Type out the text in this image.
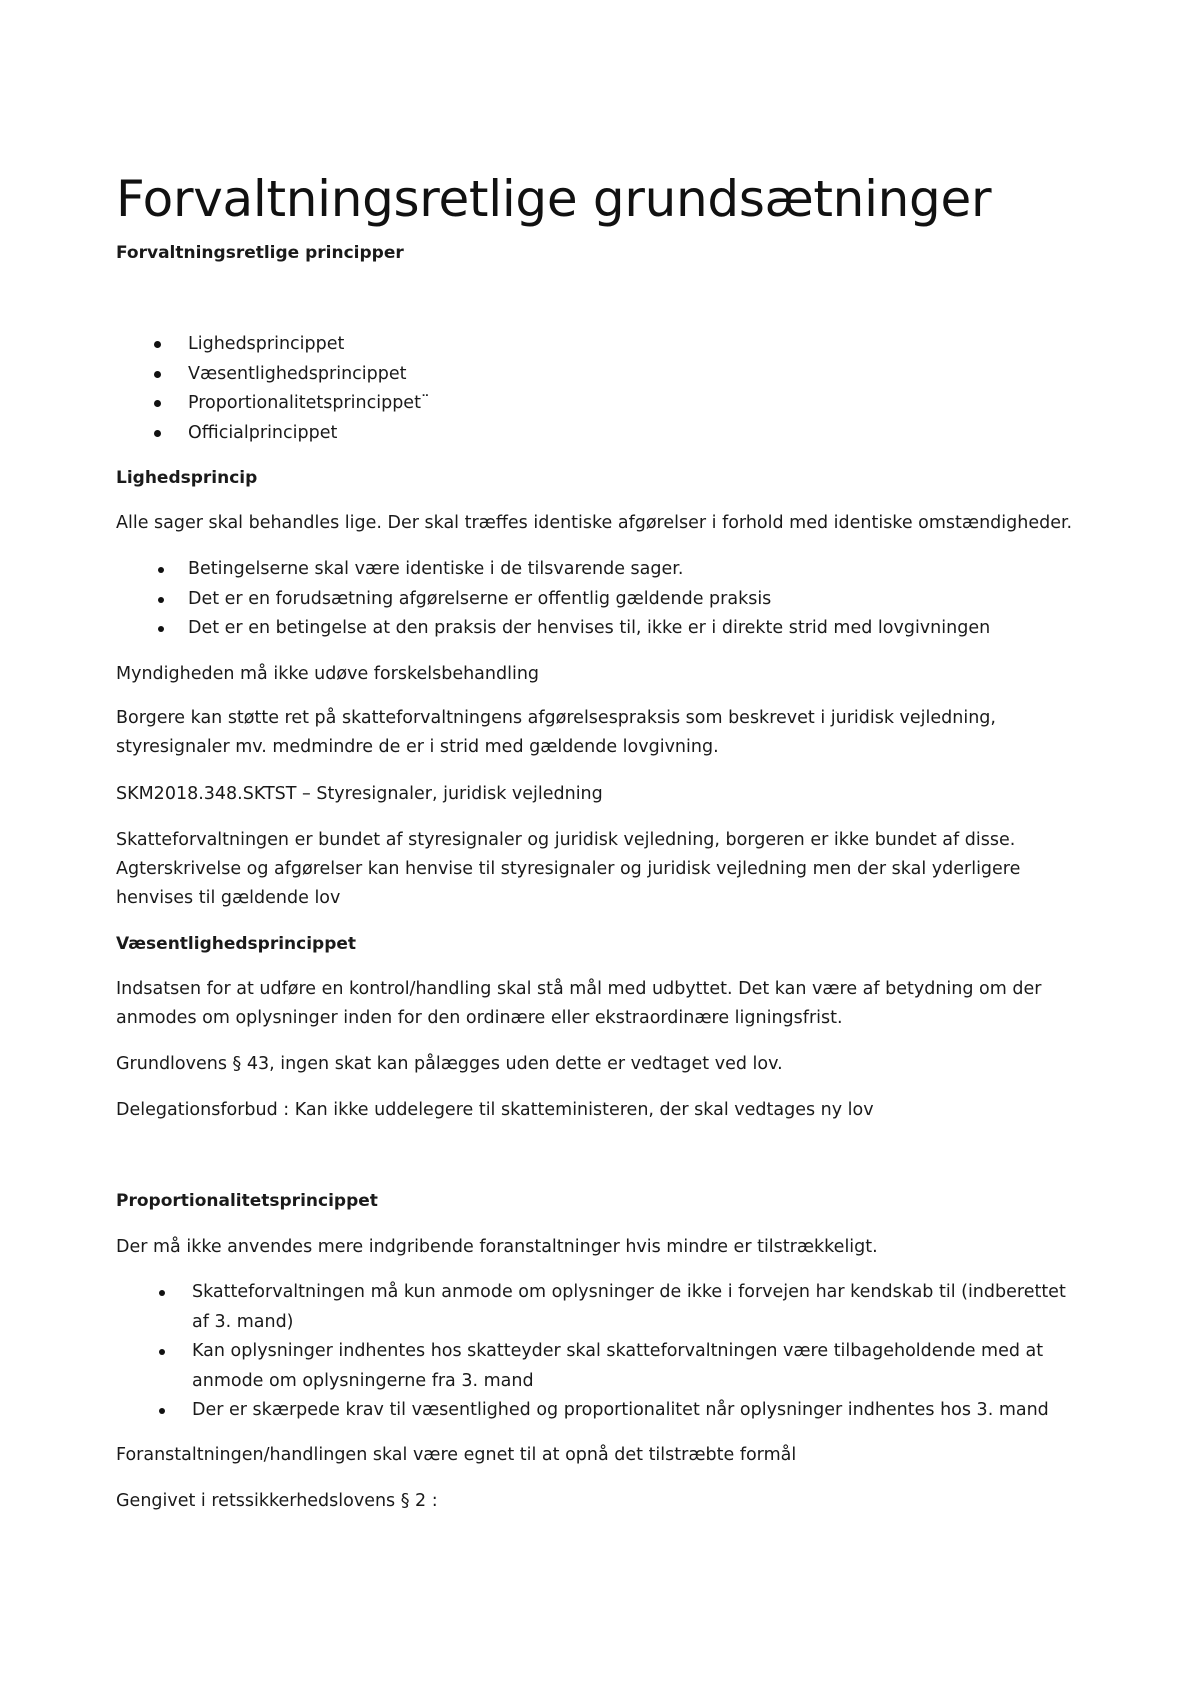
Forvaltningsretlige grundsætninger

Forvaltningsretlige principper

Lighedsprincippet
Væsentlighedsprincippet
Proportionalitetsprincippet¨
Officialprincippet

Lighedsprincip

Alle sager skal behandles lige. Der skal træffes identiske afgørelser i forhold med identiske omstændigheder.

Betingelserne skal være identiske i de tilsvarende sager.
Det er en forudsætning afgørelserne er offentlig gældende praksis
Det er en betingelse at den praksis der henvises til, ikke er i direkte strid med lovgivningen

Myndigheden må ikke udøve forskelsbehandling

Borgere kan støtte ret på skatteforvaltningens afgørelsespraksis som beskrevet i juridisk vejledning,

styresignaler mv. medmindre de er i strid med gældende lovgivning.

SKM2018.348.SKTST – Styresignaler, juridisk vejledning

Skatteforvaltningen er bundet af styresignaler og juridisk vejledning, borgeren er ikke bundet af disse.

Agterskrivelse og afgørelser kan henvise til styresignaler og juridisk vejledning men der skal yderligere

henvises til gældende lov

Væsentlighedsprincippet

Indsatsen for at udføre en kontrol/handling skal stå mål med udbyttet. Det kan være af betydning om der

anmodes om oplysninger inden for den ordinære eller ekstraordinære ligningsfrist.

Grundlovens § 43, ingen skat kan pålægges uden dette er vedtaget ved lov.

Delegationsforbud : Kan ikke uddelegere til skatteministeren, der skal vedtages ny lov

Proportionalitetsprincippet

Der må ikke anvendes mere indgribende foranstaltninger hvis mindre er tilstrækkeligt.

Skatteforvaltningen må kun anmode om oplysninger de ikke i forvejen har kendskab til (indberettet
af 3. mand)
Kan oplysninger indhentes hos skatteyder skal skatteforvaltningen være tilbageholdende med at
anmode om oplysningerne fra 3. mand
Der er skærpede krav til væsentlighed og proportionalitet når oplysninger indhentes hos 3. mand

Foranstaltningen/handlingen skal være egnet til at opnå det tilstræbte formål

Gengivet i retssikkerhedslovens § 2 :
